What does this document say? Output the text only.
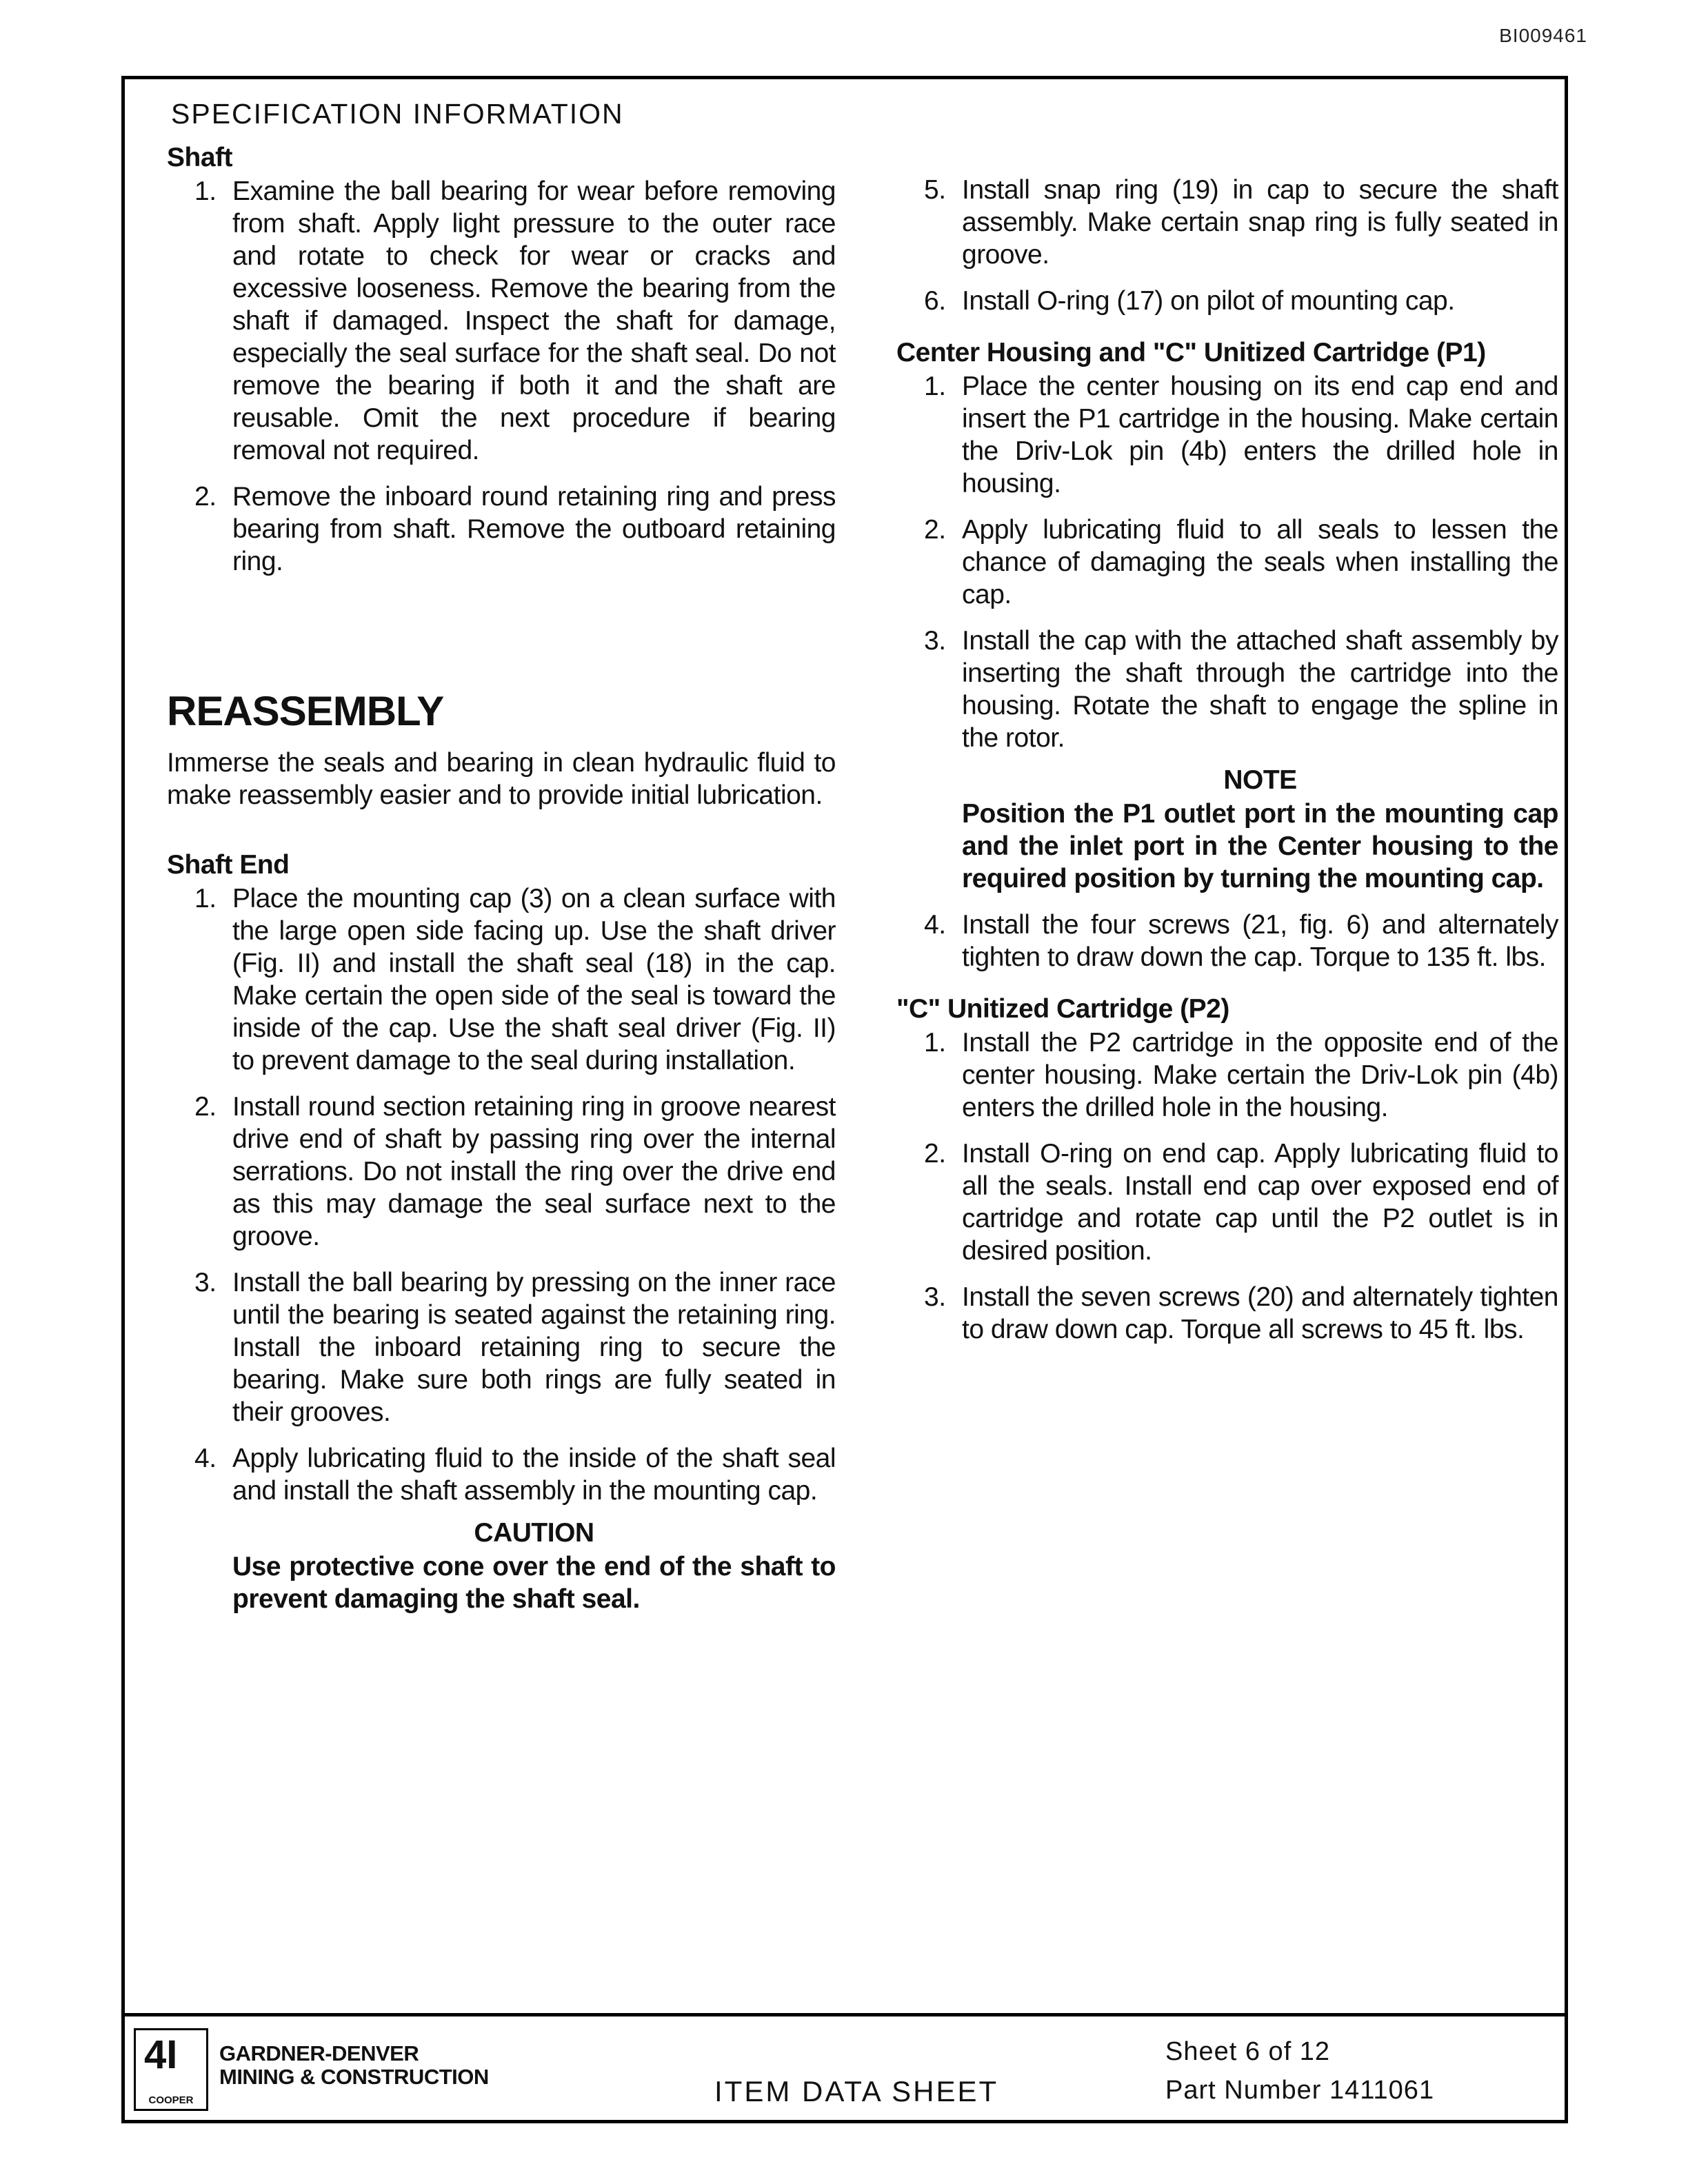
BI009461
SPECIFICATION INFORMATION
Shaft
1. Examine the ball bearing for wear before removing from shaft. Apply light pressure to the outer race and rotate to check for wear or cracks and excessive looseness. Remove the bearing from the shaft if damaged. Inspect the shaft for damage, especially the seal surface for the shaft seal. Do not remove the bearing if both it and the shaft are reusable. Omit the next procedure if bearing removal not required.
2. Remove the inboard round retaining ring and press bearing from shaft. Remove the outboard retaining ring.
REASSEMBLY

Immerse the seals and bearing in clean hydraulic fluid to make reassembly easier and to provide initial lubrication.

Shaft End
1. Place the mounting cap (3) on a clean surface with the large open side facing up. Use the shaft driver (Fig. II) and install the shaft seal (18) in the cap. Make certain the open side of the seal is toward the inside of the cap. Use the shaft seal driver (Fig. II) to prevent damage to the seal during installation.
2. Install round section retaining ring in groove nearest drive end of shaft by passing ring over the internal serrations. Do not install the ring over the drive end as this may damage the seal surface next to the groove.
3. Install the ball bearing by pressing on the inner race until the bearing is seated against the retaining ring. Install the inboard retaining ring to secure the bearing. Make sure both rings are fully seated in their grooves.
4. Apply lubricating fluid to the inside of the shaft seal and install the shaft assembly in the mounting cap.
CAUTION
Use protective cone over the end of the shaft to prevent damaging the shaft seal.
5. Install snap ring (19) in cap to secure the shaft assembly. Make certain snap ring is fully seated in groove.
6. Install O-ring (17) on pilot of mounting cap.
Center Housing and "C" Unitized Cartridge (P1)
1. Place the center housing on its end cap end and insert the P1 cartridge in the housing. Make certain the Driv-Lok pin (4b) enters the drilled hole in housing.
2. Apply lubricating fluid to all seals to lessen the chance of damaging the seals when installing the cap.
3. Install the cap with the attached shaft assembly by inserting the shaft through the cartridge into the housing. Rotate the shaft to engage the spline in the rotor.
NOTE
Position the P1 outlet port in the mounting cap and the inlet port in the Center housing to the required position by turning the mounting cap.
4. Install the four screws (21, fig. 6) and alternately tighten to draw down the cap. Torque to 135 ft. lbs.
"C" Unitized Cartridge (P2)
1. Install the P2 cartridge in the opposite end of the center housing. Make certain the Driv-Lok pin (4b) enters the drilled hole in the housing.
2. Install O-ring on end cap. Apply lubricating fluid to all the seals. Install end cap over exposed end of cartridge and rotate cap until the P2 outlet is in desired position.
3. Install the seven screws (20) and alternately tighten to draw down cap. Torque all screws to 45 ft. lbs.
4I
COOPER
GARDNER-DENVER
MINING & CONSTRUCTION	ITEM DATA SHEET
Sheet 6 of 12
Part Number 1411061
